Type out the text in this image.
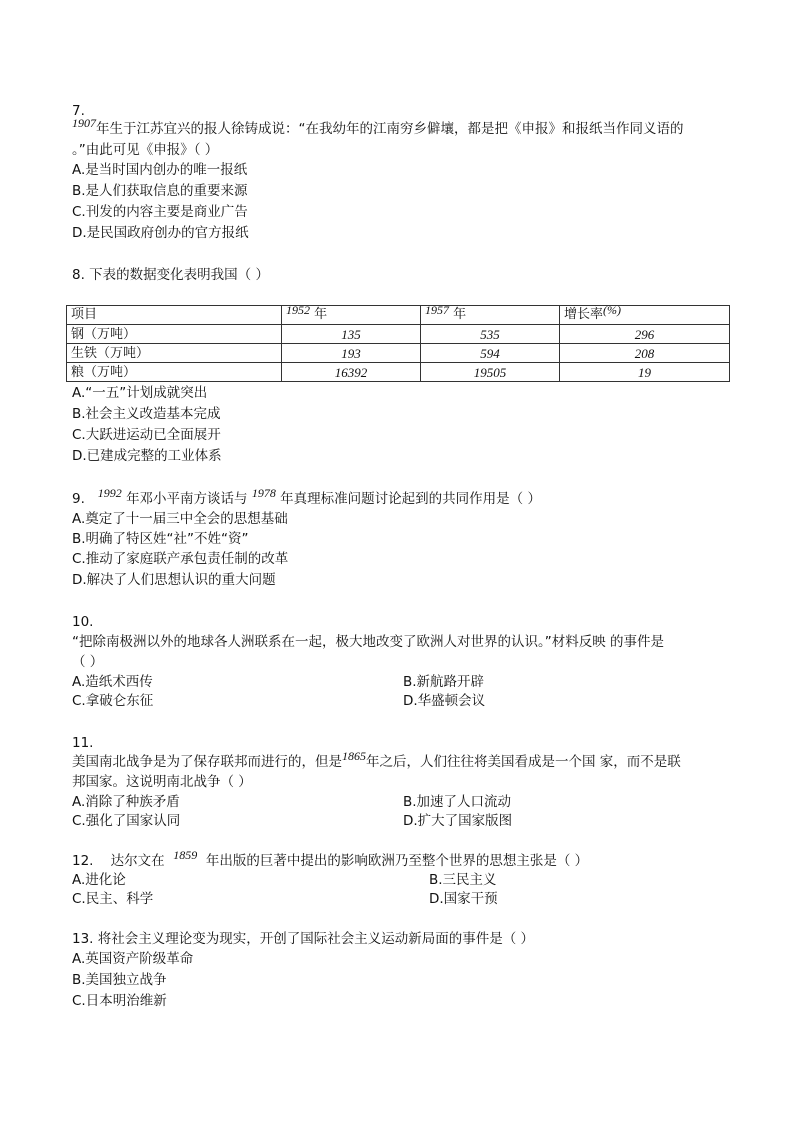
7.
1907年生于江苏宜兴的报人徐铸成说：“在我幼年的江南穷乡僻壤，都是把《申报》和报纸当作同义语的
。”由此可见《申报》（ ）
A.是当时国内创办的唯一报纸
B.是人们获取信息的重要来源
C.刊发的内容主要是商业广告
D.是民国政府创办的官方报纸
8. 下表的数据变化表明我国（ ）
项目	1952 年	1957 年	增长率(%)
钢（万吨）	135	535	296
生铁（万吨）	193	594	208
粮（万吨）	16392	19505	19
A.“一五”计划成就突出
B.社会主义改造基本完成
C.大跃进运动已全面展开
D.已建成完整的工业体系
9. 1992 年邓小平南方谈话与 1978 年真理标准问题讨论起到的共同作用是（ ）
A.奠定了十一届三中全会的思想基础
B.明确了特区姓“社”不姓“资”
C.推动了家庭联产承包责任制的改革
D.解决了人们思想认识的重大问题
10.
“把除南极洲以外的地球各人洲联系在一起，极大地改变了欧洲人对世界的认识。”材料反映 的事件是
（ ）
A.造纸术西传	B.新航路开辟
C.拿破仑东征	D.华盛顿会议
11.
美国南北战争是为了保存联邦而进行的，但是1865年之后，人们往往将美国看成是一个国 家，而不是联
邦国家。这说明南北战争（ ）
A.消除了种族矛盾	B.加速了人口流动
C.强化了国家认同	D.扩大了国家版图
12. 达尔文在 1859 年出版的巨著中提出的影响欧洲乃至整个世界的思想主张是（ ）
A.进化论	B.三民主义
C.民主、科学	D.国家干预
13. 将社会主义理论变为现实，开创了国际社会主义运动新局面的事件是（ ）
A.英国资产阶级革命
B.美国独立战争
C.日本明治维新
